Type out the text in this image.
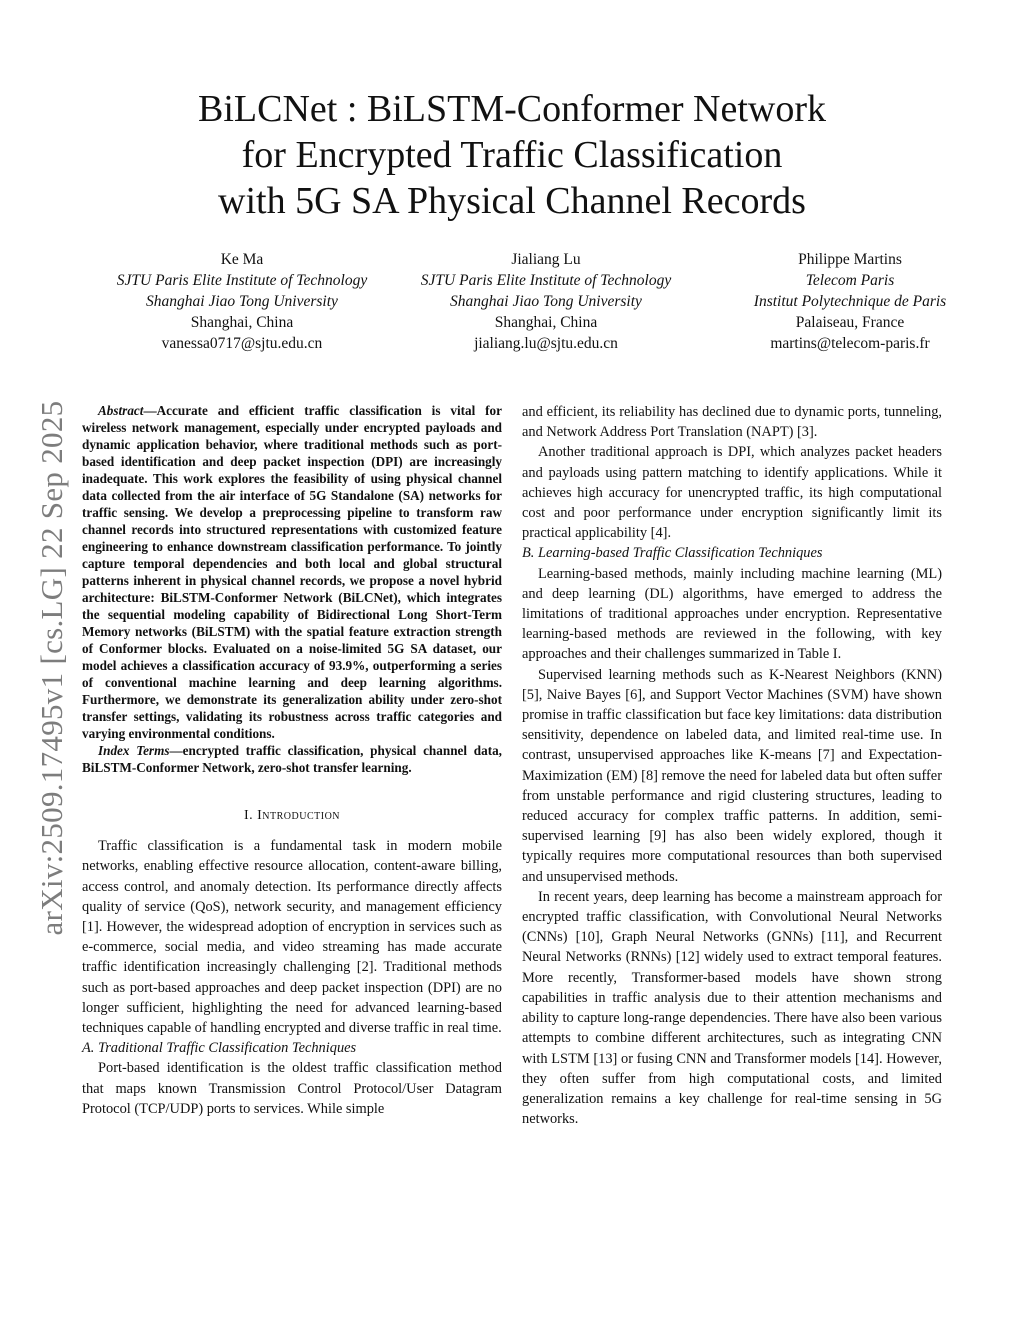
BiLCNet : BiLSTM-Conformer Network
for Encrypted Traffic Classification
with 5G SA Physical Channel Records
Ke Ma
SJTU Paris Elite Institute of Technology
Shanghai Jiao Tong University
Shanghai, China
vanessa0717@sjtu.edu.cn
Jialiang Lu
SJTU Paris Elite Institute of Technology
Shanghai Jiao Tong University
Shanghai, China
jialiang.lu@sjtu.edu.cn
Philippe Martins
Telecom Paris
Institut Polytechnique de Paris
Palaiseau, France
martins@telecom-paris.fr
arXiv:2509.17495v1 [cs.LG] 22 Sep 2025	Abstract—Accurate and efficient traffic classification is vital for wireless network management, especially under encrypted payloads and dynamic application behavior, where traditional methods such as port-based identification and deep packet inspection (DPI) are increasingly inadequate. This work explores the feasibility of using physical channel data collected from the air interface of 5G Standalone (SA) networks for traffic sensing. We develop a preprocessing pipeline to transform raw channel records into structured representations with customized feature engineering to enhance downstream classification performance. To jointly capture temporal dependencies and both local and global structural patterns inherent in physical channel records, we propose a novel hybrid architecture: BiLSTM-Conformer Network (BiLCNet), which integrates the sequential modeling capability of Bidirectional Long Short-Term Memory networks (BiLSTM) with the spatial feature extraction strength of Conformer blocks. Evaluated on a noise-limited 5G SA dataset, our model achieves a classification accuracy of 93.9%, outperforming a series of conventional machine learning and deep learning algorithms. Furthermore, we demonstrate its generalization ability under zero-shot transfer settings, validating its robustness across traffic categories and varying environmental conditions.

Index Terms—encrypted traffic classification, physical channel data, BiLSTM-Conformer Network, zero-shot transfer learning.

I. Introduction

Traffic classification is a fundamental task in modern mobile networks, enabling effective resource allocation, content-aware billing, access control, and anomaly detection. Its performance directly affects quality of service (QoS), network security, and management efficiency [1]. However, the widespread adoption of encryption in services such as e-commerce, social media, and video streaming has made accurate traffic identification increasingly challenging [2]. Traditional methods such as port-based approaches and deep packet inspection (DPI) are no longer sufficient, highlighting the need for advanced learning-based techniques capable of handling encrypted and diverse traffic in real time.

A. Traditional Traffic Classification Techniques

Port-based identification is the oldest traffic classification method that maps known Transmission Control Protocol/User Datagram Protocol (TCP/UDP) ports to services. While simple

and efficient, its reliability has declined due to dynamic ports, tunneling, and Network Address Port Translation (NAPT) [3].

Another traditional approach is DPI, which analyzes packet headers and payloads using pattern matching to identify applications. While it achieves high accuracy for unencrypted traffic, its high computational cost and poor performance under encryption significantly limit its practical applicability [4].

B. Learning-based Traffic Classification Techniques

Learning-based methods, mainly including machine learning (ML) and deep learning (DL) algorithms, have emerged to address the limitations of traditional approaches under encryption. Representative learning-based methods are reviewed in the following, with key approaches and their challenges summarized in Table I.

Supervised learning methods such as K-Nearest Neighbors (KNN) [5], Naive Bayes [6], and Support Vector Machines (SVM) have shown promise in traffic classification but face key limitations: data distribution sensitivity, dependence on labeled data, and limited real-time use. In contrast, unsupervised approaches like K-means [7] and Expectation-Maximization (EM) [8] remove the need for labeled data but often suffer from unstable performance and rigid clustering structures, leading to reduced accuracy for complex traffic patterns. In addition, semi-supervised learning [9] has also been widely explored, though it typically requires more computational resources than both supervised and unsupervised methods.

In recent years, deep learning has become a mainstream approach for encrypted traffic classification, with Convolutional Neural Networks (CNNs) [10], Graph Neural Networks (GNNs) [11], and Recurrent Neural Networks (RNNs) [12] widely used to extract temporal features. More recently, Transformer-based models have shown strong capabilities in traffic analysis due to their attention mechanisms and ability to capture long-range dependencies. There have also been various attempts to combine different architectures, such as integrating CNN with LSTM [13] or fusing CNN and Transformer models [14]. However, they often suffer from high computational costs, and limited generalization remains a key challenge for real-time sensing in 5G networks.
